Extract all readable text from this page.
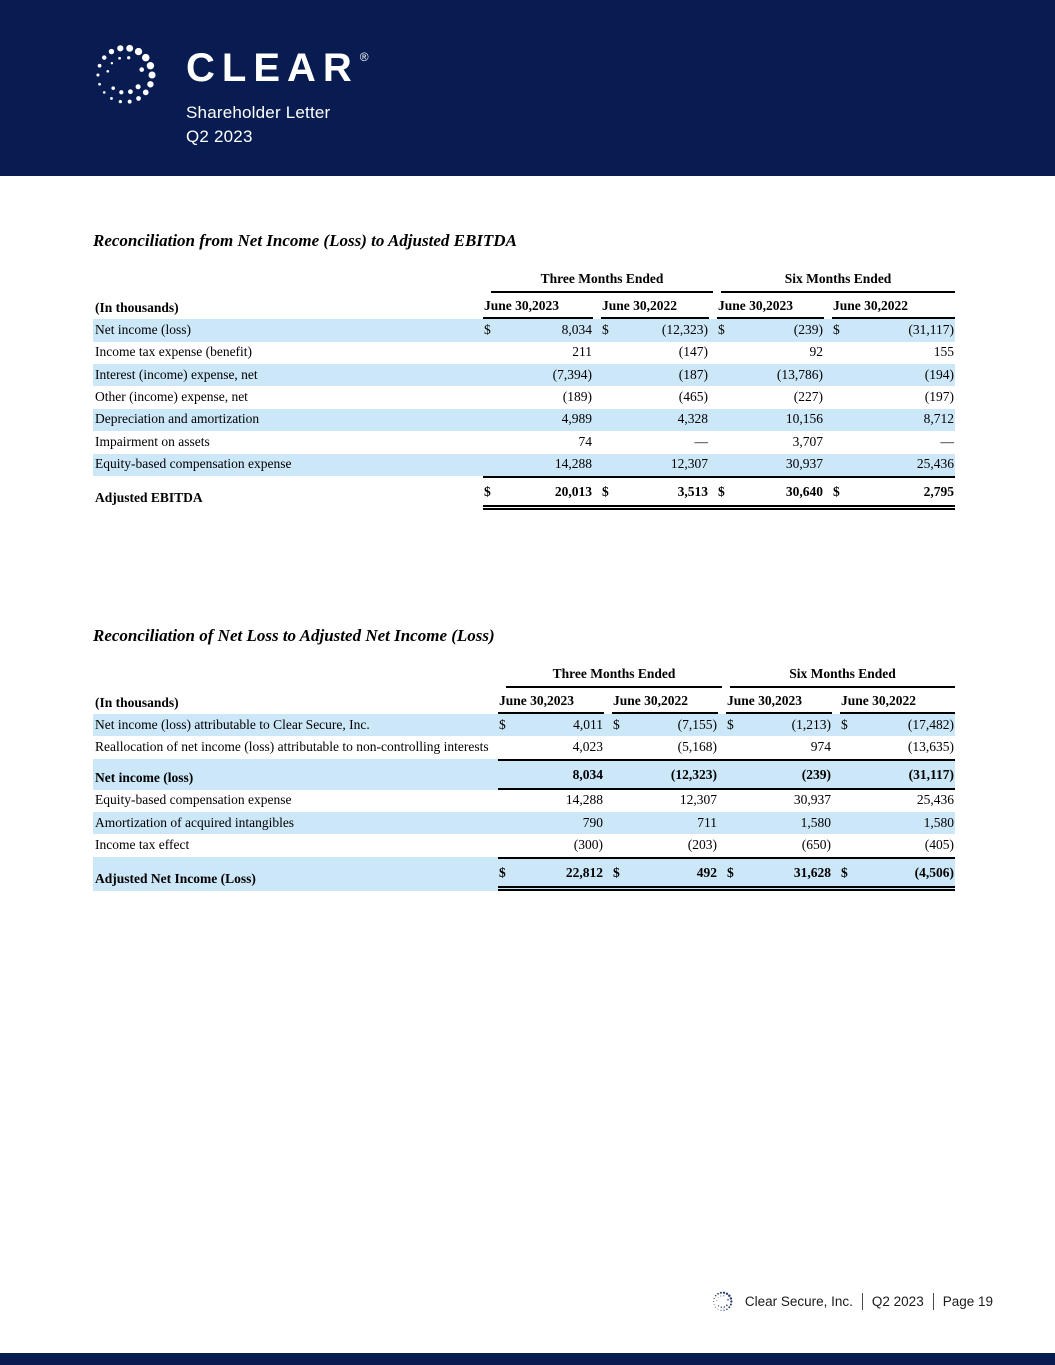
CLEAR®
Shareholder Letter
Q2 2023
Reconciliation from Net Income (Loss) to Adjusted EBITDA
Three Months Ended	Six Months Ended
(In thousands)	June 30, 2023	June 30, 2022	June 30, 2023	June 30, 2022
Net income (loss)	$	8,034 $	(12,323) $	(239) $	(31,117)
Income tax expense (benefit)	211	(147)	92	155
Interest (income) expense, net	(7,394)	(187)	(13,786)	(194)
Other (income) expense, net	(189)	(465)	(227)	(197)
Depreciation and amortization	4,989	4,328	10,156	8,712
Impairment on assets	74	—	3,707	—
Equity-based compensation expense	14,288	12,307	30,937	25,436
Adjusted EBITDA	$	20,013 $	3,513 $	30,640 $	2,795
Reconciliation of Net Loss to Adjusted Net Income (Loss)
Three Months Ended	Six Months Ended
(In thousands)	June 30, 2023	June 30, 2022	June 30, 2023	June 30, 2022
Net income (loss) attributable to Clear Secure, Inc.	$	4,011 $	(7,155) $	(1,213) $	(17,482)
Reallocation of net income (loss) attributable to non-controlling interests	4,023	(5,168)	974	(13,635)
Net income (loss)	8,034	(12,323)	(239)	(31,117)
Equity-based compensation expense	14,288	12,307	30,937	25,436
Amortization of acquired intangibles	790	711	1,580	1,580
Income tax effect	(300)	(203)	(650)	(405)
Adjusted Net Income (Loss)	$	22,812 $	492 $	31,628 $	(4,506)
Clear Secure, Inc. Q2 2023 Page 19
